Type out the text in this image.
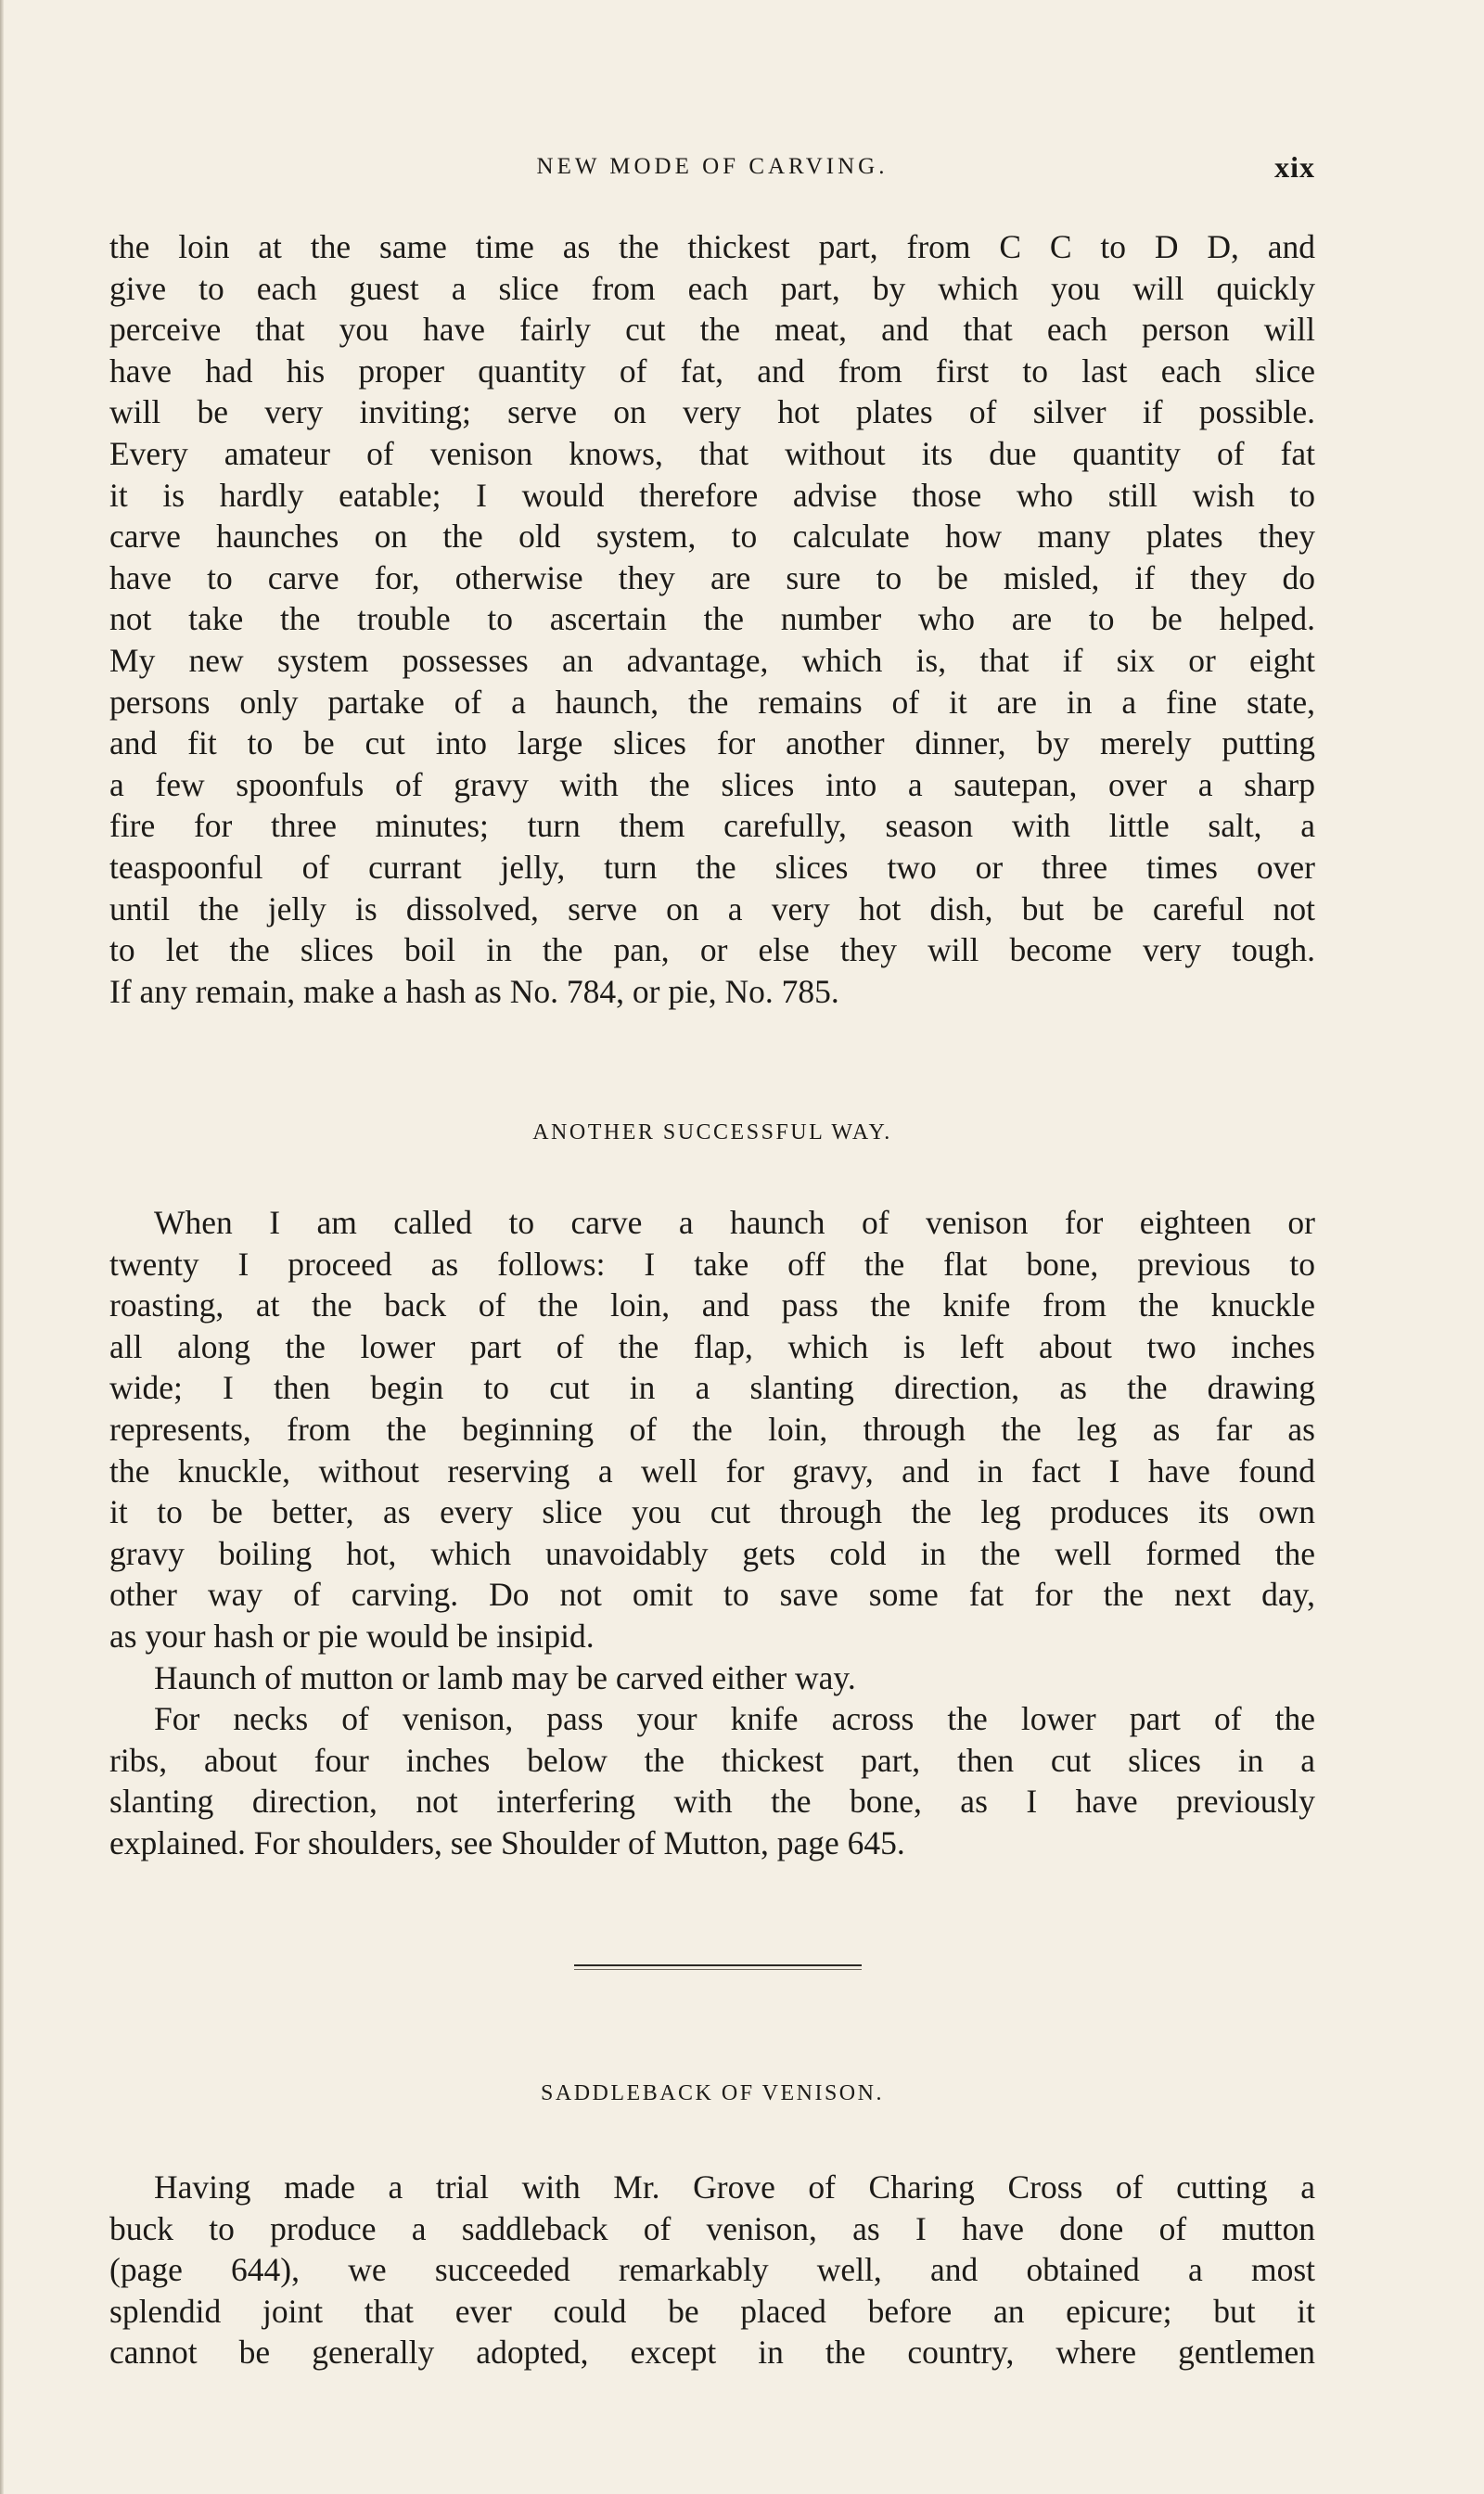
NEW MODE OF CARVING.	xix
the loin at the same time as the thickest part, from C C to D D, and
give to each guest a slice from each part, by which you will quickly
perceive that you have fairly cut the meat, and that each person will
have had his proper quantity of fat, and from first to last each slice
will be very inviting; serve on very hot plates of silver if possible.
Every amateur of venison knows, that without its due quantity of fat
it is hardly eatable; I would therefore advise those who still wish to
carve haunches on the old system, to calculate how many plates they
have to carve for, otherwise they are sure to be misled, if they do
not take the trouble to ascertain the number who are to be helped.
My new system possesses an advantage, which is, that if six or eight
persons only partake of a haunch, the remains of it are in a fine state,
and fit to be cut into large slices for another dinner, by merely putting
a few spoonfuls of gravy with the slices into a sautepan, over a sharp
fire for three minutes; turn them carefully, season with little salt, a
teaspoonful of currant jelly, turn the slices two or three times over
until the jelly is dissolved, serve on a very hot dish, but be careful not
to let the slices boil in the pan, or else they will become very tough.
If any remain, make a hash as No. 784, or pie, No. 785.
ANOTHER SUCCESSFUL WAY.
When I am called to carve a haunch of venison for eighteen or
twenty I proceed as follows: I take off the flat bone, previous to
roasting, at the back of the loin, and pass the knife from the knuckle
all along the lower part of the flap, which is left about two inches
wide; I then begin to cut in a slanting direction, as the drawing
represents, from the beginning of the loin, through the leg as far as
the knuckle, without reserving a well for gravy, and in fact I have found
it to be better, as every slice you cut through the leg produces its own
gravy boiling hot, which unavoidably gets cold in the well formed the
other way of carving. Do not omit to save some fat for the next day,
as your hash or pie would be insipid.
Haunch of mutton or lamb may be carved either way.
For necks of venison, pass your knife across the lower part of the
ribs, about four inches below the thickest part, then cut slices in a
slanting direction, not interfering with the bone, as I have previously
explained. For shoulders, see Shoulder of Mutton, page 645.
SADDLEBACK OF VENISON.
Having made a trial with Mr. Grove of Charing Cross of cutting a
buck to produce a saddleback of venison, as I have done of mutton
(page 644), we succeeded remarkably well, and obtained a most
splendid joint that ever could be placed before an epicure; but it
cannot be generally adopted, except in the country, where gentlemen
